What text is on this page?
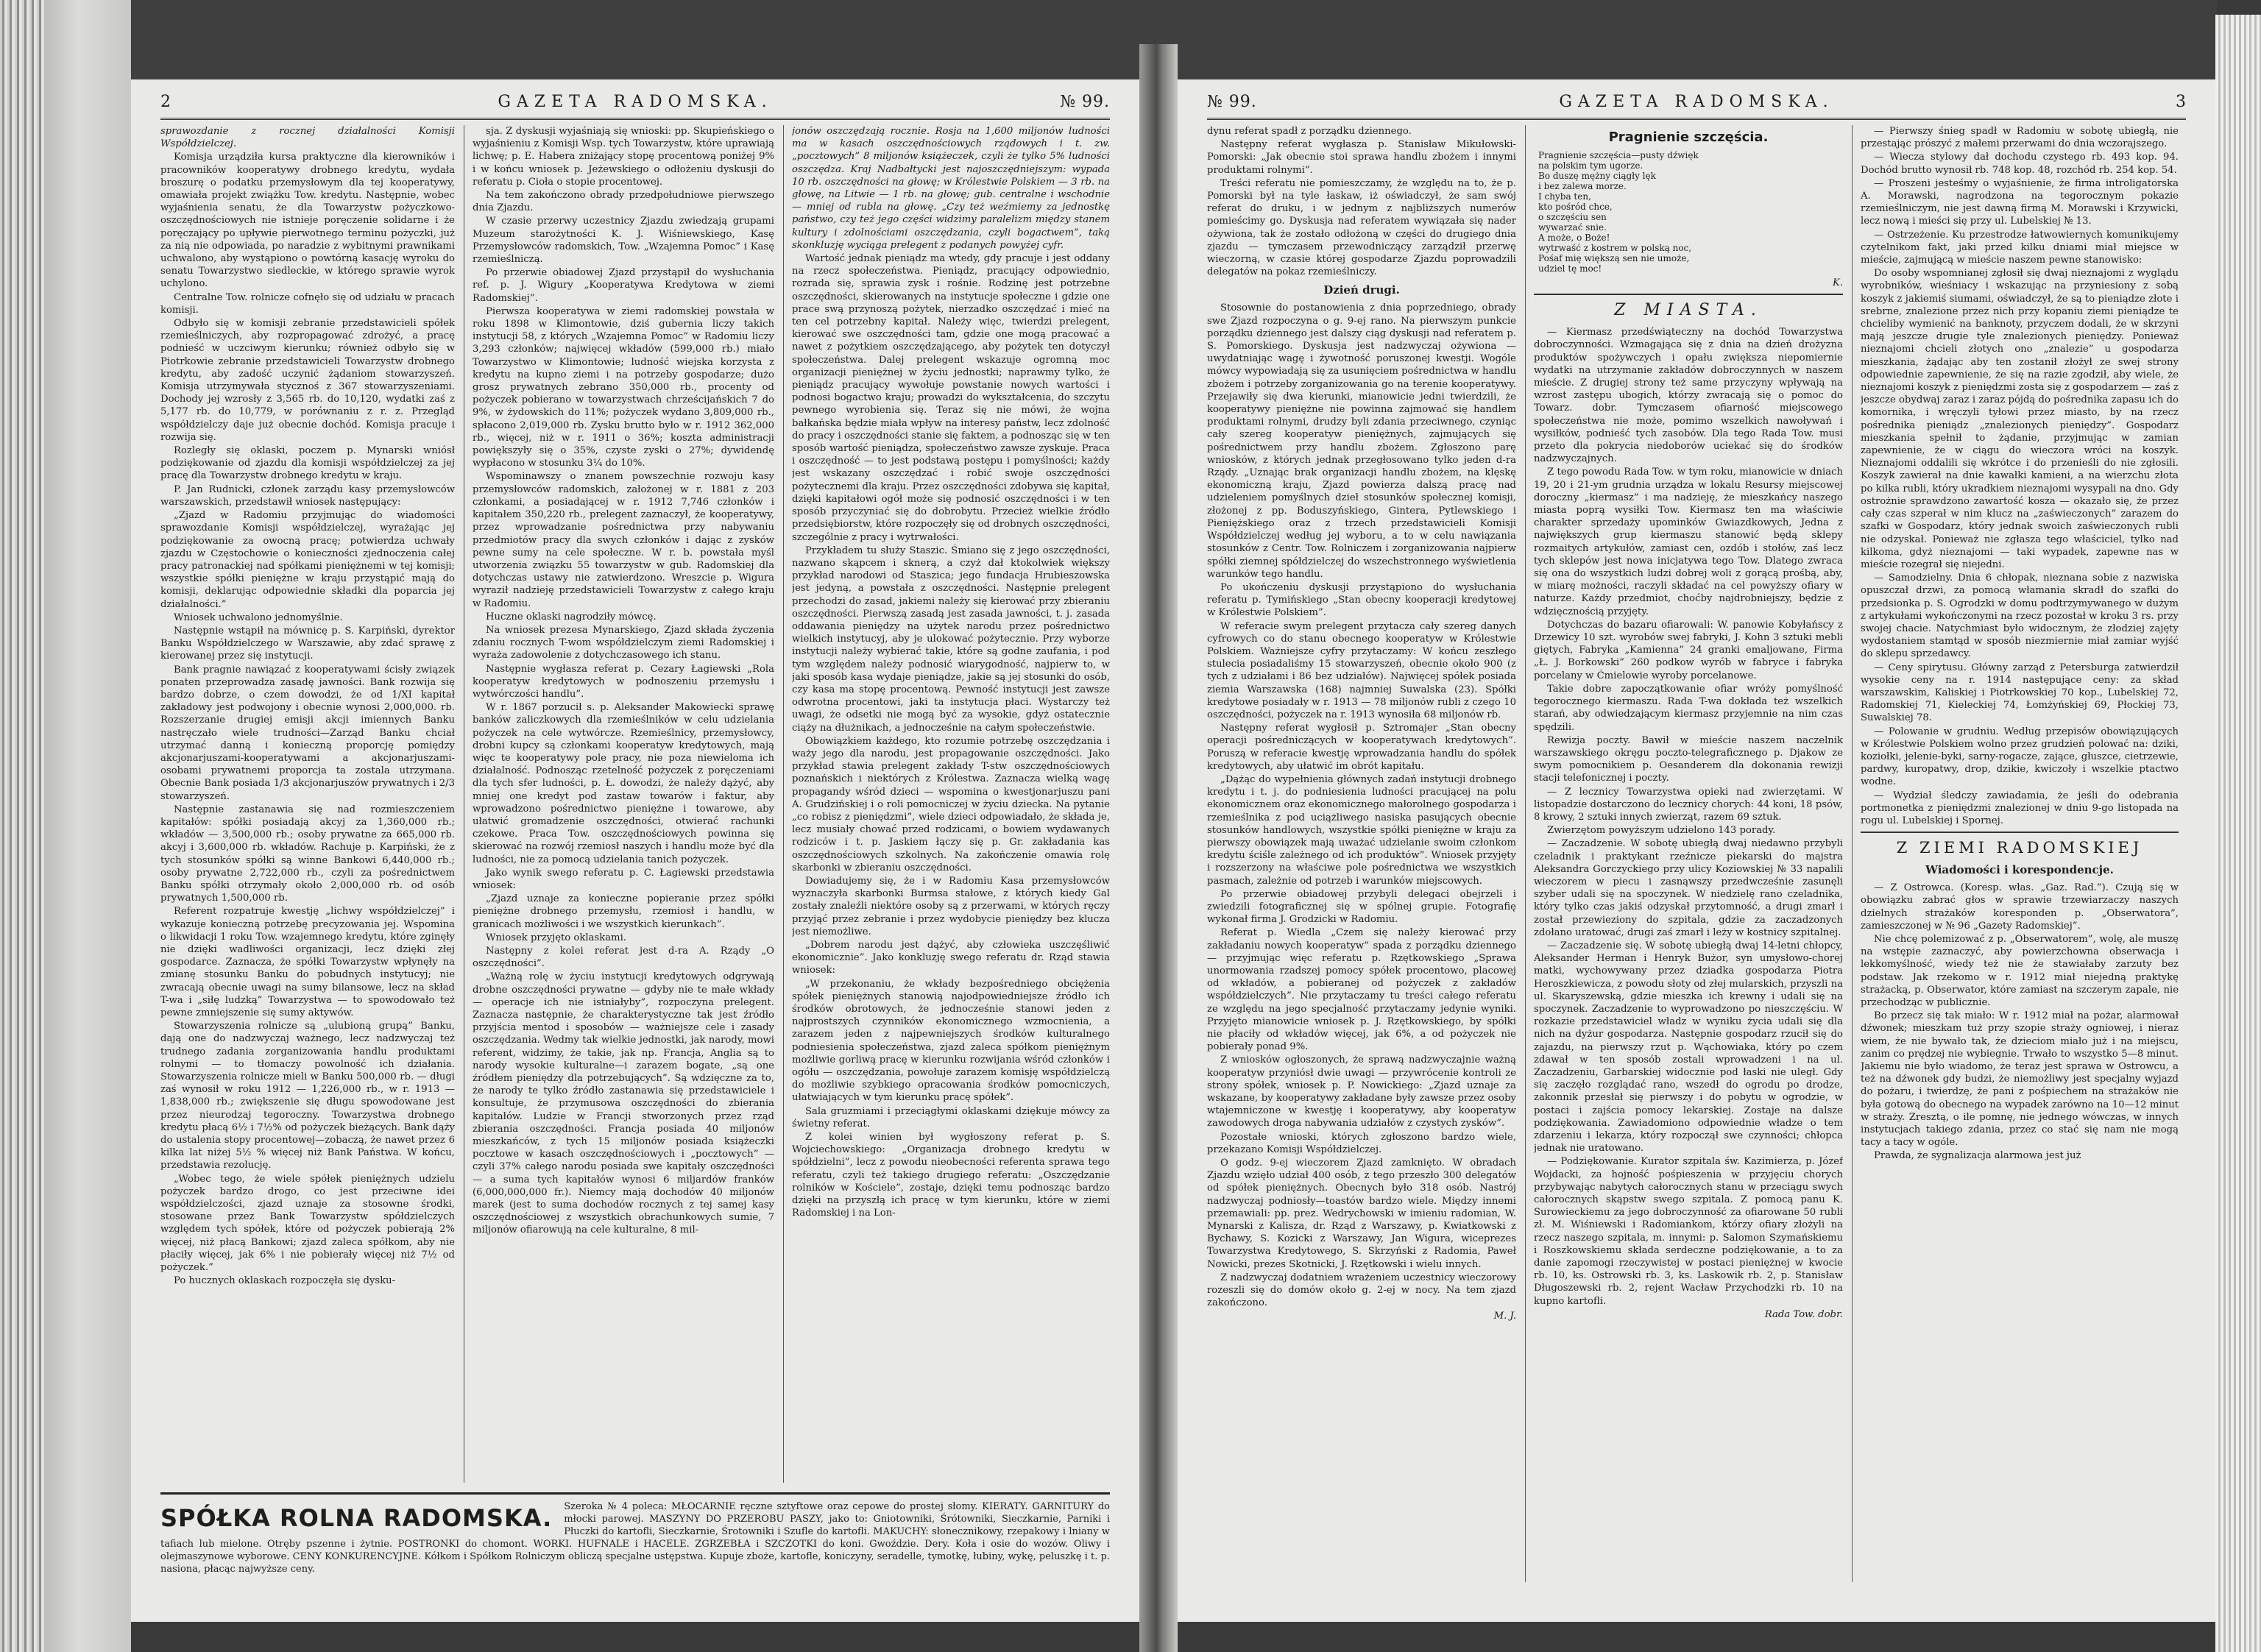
2	GAZETA RADOMSKA.	№ 99.

sprawozdanie z rocznej działalności Komisji Współdzielczej.

Komisja urządziła kursa praktyczne dla kierowników i pracowników kooperatywy drobnego kredytu, wydała broszurę o podatku przemysłowym dla tej kooperatywy, omawiała projekt zwiążku Tow. kredytu. Następnie, wobec wyjaśnienia senatu, że dla Towarzystw pożyczkowo-oszczędnościowych nie istnieje poręczenie solidarne i że poręczający po upływie pierwotnego terminu pożyczki, już za nią nie odpowiada, po naradzie z wybitnymi prawnikami uchwalono, aby wystąpiono o powtórną kasację wyroku do senatu Towarzystwo siedleckie, w którego sprawie wyrok uchylono.

Centralne Tow. rolnicze cofnęło się od udziału w pracach komisji.

Odbyło się w komisji zebranie przedstawicieli spółek rzemieślniczych, aby rozpropagować zdrożyć, a pracę podnieść w uczciwym kierunku; również odbyło się w Piotrkowie zebranie przedstawicieli Towarzystw drobnego kredytu, aby zadość uczynić żądaniom stowarzyszeń. Komisja utrzymywała stycznoś z 367 stowarzyszeniami. Dochody jej wzrosły z 3,565 rb. do 10,120, wydatki zaś z 5,177 rb. do 10,779, w porównaniu z r. z. Przegląd współdzielczy daje już obecnie dochód. Komisja pracuje i rozwija się.

Rozległy się oklaski, poczem p. Mynarski wniósł podziękowanie od zjazdu dla komisji współdzielczej za jej pracę dla Towarzystw drobnego kredytu w kraju.

P. Jan Rudnicki, członek zarządu kasy przemysłowców warszawskich, przedstawił wniosek następujący:

„Zjazd w Radomiu przyjmując do wiadomości sprawozdanie Komisji współdzielczej, wyrażając jej podziękowanie za owocną pracę; potwierdza uchwały zjazdu w Częstochowie o konieczności zjednoczenia całej pracy patronackiej nad spółkami pieniężnemi w tej komisji; wszystkie spółki pieniężne w kraju przystąpić mają do komisji, deklarując odpowiednie składki dla poparcia jej działalności.”

Wniosek uchwalono jednomyślnie.

Następnie wstąpił na mównicę p. S. Karpiński, dyrektor Banku Współdzielczego w Warszawie, aby zdać sprawę z kierowanej przez się instytucji.

Bank pragnie nawiązać z kooperatywami ścisły związek ponaten przeprowadza zasadę jawności. Bank rozwija się bardzo dobrze, o czem dowodzi, że od 1/XI kapitał zakładowy jest podwojony i obecnie wynosi 2,000,000. rb. Rozszerzanie drugiej emisji akcji imiennych Banku nastręczało wiele trudności—Zarząd Banku chciał utrzymać danną i konieczną proporcję pomiędzy akcjonarjuszami-kooperatywami a akcjonarjuszami-osobami prywatnemi proporcja ta zostala utrzymana. Obecnie Bank posiada 1/3 akcjonarjuszów prywatnych i 2/3 stowarzyszeń.

Następnie zastanawia się nad rozmieszczeniem kapitałów: spółki posiadają akcyj za 1,360,000 rb.; wkładów — 3,500,000 rb.; osoby prywatne za 665,000 rb. akcyj i 3,600,000 rb. wkładów. Rachuje p. Karpiński, że z tych stosunków spółki są winne Bankowi 6,440,000 rb.; osoby prywatne 2,722,000 rb., czyli za pośrednictwem Banku spółki otrzymały około 2,000,000 rb. od osób prywatnych 1,500,000 rb.

Referent rozpatruje kwestję „lichwy współdzielczej” i wykazuje konieczną potrzebę precyzowania jej. Wspomina o likwidacji 1 roku Tow. wzajemnego kredytu, które zginęły nie dzięki wadliwości organizacji, lecz dzięki złej gospodarce. Zaznacza, że spółki Towarzystw wpłynęły na zmianę stosunku Banku do pobudnych instytucyj; nie zwracają obecnie uwagi na sumy bilansowe, lecz na skład T-wa i „siłę ludzką” Towarzystwa — to spowodowało też pewne zmniejszenie się sumy aktywów.

Stowarzyszenia rolnicze są „ulubioną grupą” Banku, dają one do nadzwyczaj ważnego, lecz nadzwyczaj też trudnego zadania zorganizowania handlu produktami rolnymi — to tłomaczy powolność ich działania. Stowarzyszenia rolnicze mieli w Banku 500,000 rb. — długi zaś wynosił w roku 1912 — 1,226,000 rb., w r. 1913 — 1,838,000 rb.; zwiększenie się długu spowodowane jest przez nieurodzaj tegoroczny. Towarzystwa drobnego kredytu płacą 6½ i 7½% od pożyczek bieżących. Bank dąży do ustalenia stopy procentowej—zobaczą, że nawet przez 6 kilka lat niżej 5½ % więcej niż Bank Państwa. W końcu, przedstawia rezolucję.

„Wobec tego, że wiele spółek pieniężnych udzielu pożyczek bardzo drogo, co jest przeciwne idei współdzielczości, zjazd uznaje za stosowne środki, stosowane przez Bank Towarzystw spółdzielczych względem tych spółek, które od pożyczek pobierają 2% więcej, niż płacą Bankowi; zjazd zaleca spółkom, aby nie płaciły więcej, jak 6% i nie pobierały więcej niż 7½ od pożyczek.”

Po hucznych oklaskach rozpoczęła się dysku-

sja. Z dyskusji wyjaśniają się wnioski: pp. Skupieńskiego o wyjaśnieniu z Komisji Wsp. tych Towarzystw, które uprawiają lichwę; p. E. Habera zniżający stopę procentową poniżej 9% i w końcu wniosek p. Jeżewskiego o odłożeniu dyskusji do referatu p. Cioła o stopie procentowej.

Na tem zakończono obrady przedpołudniowe pierwszego dnia Zjazdu.

W czasie przerwy uczestnicy Zjazdu zwiedzają grupami Muzeum starożytności K. J. Wiśniewskiego, Kasę Przemysłowców radomskich, Tow. „Wzajemna Pomoc” i Kasę rzemieślniczą.

Po przerwie obiadowej Zjazd przystąpił do wysłuchania ref. p. J. Wigury „Kooperatywa Kredytowa w ziemi Radomskiej”.

Pierwsza kooperatywa w ziemi radomskiej powstała w roku 1898 w Klimontowie, dziś gubernia liczy takich instytucji 58, z których „Wzajemna Pomoc” w Radomiu liczy 3,293 członków; najwięcej wkładów (599,000 rb.) miało Towarzystwo w Klimontowie; ludność wiejska korzysta z kredytu na kupno ziemi i na potrzeby gospodarze; dużo grosz prywatnych zebrano 350,000 rb., procenty od pożyczek pobierano w towarzystwach chrześcijańskich 7 do 9%, w żydowskich do 11%; pożyczek wydano 3,809,000 rb., spłacono 2,019,000 rb. Zysku brutto było w r. 1912 362,000 rb., więcej, niż w r. 1911 o 36%; koszta administracji powiększyły się o 35%, czyste zyski o 27%; dywidendę wypłacono w stosunku 3¼ do 10%.

Wspominawszy o znanem powszechnie rozwoju kasy przemysłowców radomskich, założonej w r. 1881 z 203 członkami, a posiadającej w r. 1912 7,746 członków i kapitałem 350,220 rb., prelegent zaznaczył, że kooperatywy, przez wprowadzanie pośrednictwa przy nabywaniu przedmiotów pracy dla swych członków i dając z zysków pewne sumy na cele społeczne. W r. b. powstała myśl utworzenia związku 55 towarzystw w gub. Radomskiej dla dotychczas ustawy nie zatwierdzono. Wreszcie p. Wigura wyraził nadzieję przedstawicieli Towarzystw z całego kraju w Radomiu.

Huczne oklaski nagrodziły mówcę.

Na wniosek prezesa Mynarskiego, Zjazd składa życzenia zdaniu rocznych T-wom współdzielczym ziemi Radomskiej i wyraża zadowolenie z dotychczasowego ich stanu.

Następnie wygłasza referat p. Cezary Łagiewski „Rola kooperatyw kredytowych w podnoszeniu przemysłu i wytwórczości handlu”.

W r. 1867 porzucił s. p. Aleksander Makowiecki sprawę banków zaliczkowych dla rzemieślników w celu udzielania pożyczek na cele wytwórcze. Rzemieślnicy, przemysłowcy, drobni kupcy są członkami kooperatyw kredytowych, mają więc te kooperatywy pole pracy, nie poza niewieloma ich działalność. Podnosząc rzetelność pożyczek z poręczeniami dla tych sfer ludności, p. Ł. dowodzi, że należy dążyć, aby mniej one kredyt pod zastaw towarów i faktur, aby wprowadzono pośrednictwo pieniężne i towarowe, aby ułatwić gromadzenie oszczędności, otwierać rachunki czekowe. Praca Tow. oszczędnościowych powinna się skierować na rozwój rzemiosł naszych i handlu może być dla ludności, nie za pomocą udzielania tanich pożyczek.

Jako wynik swego referatu p. C. Łagiewski przedstawia wniosek:

„Zjazd uznaje za konieczne popieranie przez spółki pieniężne drobnego przemysłu, rzemiosł i handlu, w granicach możliwości i we wszystkich kierunkach”.

Wniosek przyjęto oklaskami.

Następny z kolei referat jest d-ra A. Rządy „O oszczędności”.

„Ważną rolę w życiu instytucji kredytowych odgrywają drobne oszczędności prywatne — gdyby nie te małe wkłady — operacje ich nie istniałyby”, rozpoczyna prelegent. Zaznacza następnie, że charakterystyczne tak jest źródło przyjścia mentod i sposobów — ważniejsze cele i zasady oszczędzania. Wedmy tak wielkie jednostki, jak narody, mowi referent, widzimy, że takie, jak np. Francja, Anglia są to narody wysokie kulturalne—i zarazem bogate, „są one źródłem pieniędzy dla potrzebujących”. Są wdzięczne za to, że narody te tylko źródło zastanawia się przedstawiciele i konsultuje, że przymusowa oszczędności do zbierania kapitałów. Ludzie w Francji stworzonych przez rząd zbierania oszczędności. Francja posiada 40 miljonów mieszkańców, z tych 15 miljonów posiada książeczki pocztowe w kasach oszczędnościowych i „pocztowych” — czyli 37% całego narodu posiada swe kapitały oszczędności — a suma tych kapitałów wynosi 6 miljardów franków (6,000,000,000 fr.). Niemcy mają dochodów 40 miljonów marek (jest to suma dochodów rocznych z tej samej kasy oszczędnościowej z wszystkich obrachunkowych sumie, 7 miljonów ofiarowują na cele kulturalne, 8 mil-

jonów oszczędzają rocznie. Rosja na 1,600 miljonów ludności ma w kasach oszczędnościowych rządowych i t. zw. „pocztowych” 8 miljonów książeczek, czyli że tylko 5% ludności oszczędza. Kraj Nadbałtycki jest najoszczędniejszym: wypada 10 rb. oszczędności na głowę; w Królestwie Polskiem — 3 rb. na głowę, na Litwie — 1 rb. na głowę; gub. centralne i wschodnie — mniej od rubla na głowę. „Czy też weźmiemy za jednostkę państwo, czy też jego części widzimy paralelizm między stanem kultury i zdolnościami oszczędzania, czyli bogactwem”, taką skonkluzję wyciąga prelegent z podanych powyżej cyfr.

Wartość jednak pieniądz ma wtedy, gdy pracuje i jest oddany na rzecz społeczeństwa. Pieniądz, pracujący odpowiednio, rozrada się, sprawia zysk i rośnie. Rodzinę jest potrzebne oszczędności, skierowanych na instytucje społeczne i gdzie one prace swą przynoszą pożytek, nierzadko oszczędzać i mieć na ten cel potrzebny kapitał. Należy więc, twierdzi prelegent, kierować swe oszczędności tam, gdzie one mogą pracować a nawet z pożytkiem oszczędzającego, aby pożytek ten dotyczył społeczeństwa. Dalej prelegent wskazuje ogromną moc organizacji pieniężnej w życiu jednostki; naprawmy tylko, że pieniądz pracujący wywołuje powstanie nowych wartości i podnosi bogactwo kraju; prowadzi do wykształcenia, do szczytu pewnego wyrobienia się. Teraz się nie mówi, że wojna bałkańska będzie miała wpływ na interesy państw, lecz zdolność do pracy i oszczędności stanie się faktem, a podnosząc się w ten sposób wartość pieniądza, społeczeństwo zawsze zyskuje. Praca i oszczędność — to jest podstawą postępu i pomyślności; każdy jest wskazany oszczędzać i robić swoje oszczędności pożytecznemi dla kraju. Przez oszczędności zdobywa się kapitał, dzięki kapitałowi ogół może się podnosić oszczędności i w ten sposób przyczyniać się do dobrobytu. Przecież wielkie źródło przedsiębiorstw, które rozpoczęły się od drobnych oszczędności, szczególnie z pracy i wytrwałości.

Przykładem tu służy Staszic. Śmiano się z jego oszczędności, nazwano skąpcem i sknerą, a czyż dał ktokolwiek większy przykład narodowi od Staszica; jego fundacja Hrubieszowska jest jedyną, a powstała z oszczędności. Następnie prelegent przechodzi do zasad, jakiemi należy się kierować przy zbieraniu oszczędności. Pierwszą zasadą jest zasada jawności, t. j. zasada oddawania pieniędzy na użytek narodu przez pośrednictwo wielkich instytucyj, aby je ulokować pożytecznie. Przy wyborze instytucji należy wybierać takie, które są godne zaufania, i pod tym względem należy podnosić wiarygodność, najpierw to, w jaki sposób kasa wydaje pieniądze, jakie są jej stosunki do osób, czy kasa ma stopę procentową. Pewność instytucji jest zawsze odwrotna procentowi, jaki ta instytucja płaci. Wystarczy też uwagi, że odsetki nie mogą być za wysokie, gdyż ostatecznie ciąży na dłużnikach, a jednocześnie na całym społeczeństwie.

Obowiązkiem każdego, kto rozumie potrzebę oszczędzania i waży jego dla narodu, jest propagowanie oszczędności. Jako przykład stawia prelegent zakłady T-stw oszczędnościowych poznańskich i niektórych z Królestwa. Zaznacza wielką wagę propagandy wśród dzieci — wspomina o kwestjonarjuszu pani A. Grudzińskiej i o roli pomocniczej w życiu dziecka. Na pytanie „co robisz z pieniędzmi”, wiele dzieci odpowiadało, że składa je, lecz musiały chować przed rodzicami, o bowiem wydawanych rodziców i t. p. Jaskiem łączy się p. Gr. zakładania kas oszczędnościowych szkolnych. Na zakończenie omawia rolę skarbonki w zbieraniu oszczędności.

Dowiadujemy się, że i w Radomiu Kasa przemysłowców wyznaczyła skarbonki Burmsa stałowe, z których kiedy Gal zostały znaleźli niektóre osoby są z przerwami, w których ręczy przyjąć przez zebranie i przez wydobycie pieniędzy bez klucza jest niemożliwe.

„Dobrem narodu jest dążyć, aby człowieka uszczęśliwić ekonomicznie”. Jako konkluzję swego referatu dr. Rząd stawia wniosek:

„W przekonaniu, że wkłady bezpośredniego obciężenia spółek pieniężnych stanowią najodpowiedniejsze źródło ich środków obrotowych, że jednocześnie stanowi jeden z najprostszych czynników ekonomicznego wzmocnienia, a zarazem jeden z najpewniejszych środków kulturalnego podniesienia społeczeństwa, zjazd zaleca spółkom pieniężnym możliwie gorliwą pracę w kierunku rozwijania wśród członków i ogółu — oszczędzania, powołuje zarazem komisję współdzielczą do możliwie szybkiego opracowania środków pomocniczych, ułatwiających w tym kierunku pracę spółek”.

Sala gruzmiami i przeciągłymi oklaskami dziękuje mówcy za świetny referat.

Z kolei winien był wygłoszony referat p. S. Wojciechowskiego: „Organizacja drobnego kredytu w spółdzielni”, lecz z powodu nieobecności referenta sprawa tego referatu, czyli też takiego drugiego referatu: „Oszczędzanie rolników w Kościele”, zostaje, dzięki temu podnosząc bardzo dzięki na przyszłą ich pracę w tym kierunku, które w ziemi Radomskiej i na Lon-

SPÓŁKA ROLNA RADOMSKA.	Szeroka № 4 poleca: MŁOCARNIE ręczne sztyftowe oraz cepowe do prostej słomy. KIERATY. GARNITURY do młocki parowej. MASZYNY DO PRZEROBU PASZY, jako to: Gniotowniki, Śrótowniki, Sieczkarnie, Parniki i Płuczki do kartofli, Sieczkarnie, Śrotowniki i Szufle do kartofli. MAKUCHY: słonecznikowy, rzepakowy i lniany w tafiach lub mielone. Otręby pszenne i żytnie. POSTRONKI do chomont. WORKI. HUFNALE i HACELE. ZGRZEBŁA i SZCZOTKI do koni. Gwoździe. Dery. Koła i osie do wozów. Oliwy i olejmaszynowe wyborowe. CENY KONKURENCYJNE. Kółkom i Spółkom Rolniczym obliczą specjalne ustępstwa. Kupuje zboże, kartofle, koniczyny, seradelle, tymotkę, łubiny, wykę, peluszkę i t. p. nasiona, płacąc najwyższe ceny.
№ 99.	GAZETA RADOMSKA.	3

dynu referat spadł z porządku dziennego.

Następny referat wygłasza p. Stanisław Mikułowski-Pomorski: „Jak obecnie stoi sprawa handlu zbożem i innymi produktami rolnymi”.

Treści referatu nie pomieszczamy, że względu na to, że p. Pomorski był na tyle łaskaw, iż oświadczył, że sam swój referat do druku, i w jednym z najbliższych numerów pomieścimy go. Dyskusja nad referatem wywiązała się nader ożywiona, tak że zostało odłożoną w części do drugiego dnia zjazdu — tymczasem przewodniczący zarządził przerwę wieczorną, w czasie której gospodarze Zjazdu poprowadzili delegatów na pokaz rzemieślniczy.

Dzień drugi.

Stosownie do postanowienia z dnia poprzedniego, obrady swe Zjazd rozpoczyna o g. 9-ej rano. Na pierwszym punkcie porządku dziennego jest dalszy ciąg dyskusji nad referatem p. S. Pomorskiego. Dyskusja jest nadzwyczaj ożywiona — uwydatniając wagę i żywotność poruszonej kwestji. Wogóle mówcy wypowiadają się za usunięciem pośrednictwa w handlu zbożem i potrzeby zorganizowania go na terenie kooperatywy. Przejawiły się dwa kierunki, mianowicie jedni twierdzili, że kooperatywy pieniężne nie powinna zajmować się handlem produktami rolnymi, drudzy byli zdania przeciwnego, czyniąc cały szereg kooperatyw pieniężnych, zajmujących się pośrednictwem przy handlu zbożem. Zgłoszono parę wniosków, z których jednak przegłosowano tylko jeden d-ra Rządy. „Uznając brak organizacji handlu zbożem, na klęskę ekonomiczną kraju, Zjazd powierza dalszą pracę nad udzieleniem pomyślnych dzieł stosunków społecznej komisji, złożonej z pp. Boduszyńskiego, Gintera, Pytlewskiego i Pieniężskiego oraz z trzech przedstawicieli Komisji Współdzielczej według jej wyboru, a to w celu nawiązania stosunków z Centr. Tow. Rolniczem i zorganizowania najpierw spółki ziemnej spółdzielczej do wszechstronnego wyświetlenia warunków tego handlu.

Po ukończeniu dyskusji przystąpiono do wysłuchania referatu p. Tymińskiego „Stan obecny kooperacji kredytowej w Królestwie Polskiem”.

W referacie swym prelegent przytacza cały szereg danych cyfrowych co do stanu obecnego kooperatyw w Królestwie Polskiem. Ważniejsze cyfry przytaczamy: W końcu zeszłego stulecia posiadaliśmy 15 stowarzyszeń, obecnie około 900 (z tych z udziałami i 86 bez udziałów). Najwięcej spółek posiada ziemia Warszawska (168) najmniej Suwalska (23). Spółki kredytowe posiadały w r. 1913 — 78 miljonów rubli z czego 10 oszczędności, pożyczek na r. 1913 wynosiła 68 miljonów rb.

Następny referat wygłosił p. Sztromajer „Stan obecny operacji pośredniczących w kooperatywach kredytowych”. Poruszą w referacie kwestję wprowadzania handlu do spółek kredytowych, aby ułatwić im obrót kapitału.

„Dążąc do wypełnienia głównych zadań instytucji drobnego kredytu i t. j. do podniesienia ludności pracującej na polu ekonomicznem oraz ekonomicznego małorolnego gospodarza i rzemieślnika z pod uciążliwego nasiska pasujących obecnie stosunków handlowych, wszystkie spółki pieniężne w kraju za pierwszy obowiązek mają uważać udzielanie swoim członkom kredytu ściśle zależnego od ich produktów”. Wniosek przyjęty i rozszerzony na właściwe pole pośrednictwa we wszystkich pasmach, zależnie od potrzeb i warunków miejscowych.

Po przerwie obiadowej przybyli delegaci obejrzeli i zwiedzili fotograficznej się w spólnej grupie. Fotografię wykonał firma J. Grodzicki w Radomiu.

Referat p. Wiedla „Czem się należy kierować przy zakładaniu nowych kooperatyw” spada z porządku dziennego — przyjmując więc referatu p. Rzętkowskiego „Sprawa unormowania rzadszej pomocy spółek procentowo, placowej od wkładów, a pobieranej od pożyczek z zakładów współdzielczych”. Nie przytaczamy tu treści całego referatu ze względu na jego specjalność przytaczamy jedynie wyniki. Przyjęto mianowicie wniosek p. J. Rzętkowskiego, by spółki nie płaciły od wkładów więcej, jak 6%, a od pożyczek nie pobierały ponad 9%.

Z wniosków ogłoszonych, że sprawą nadzwyczajnie ważną kooperatyw przyniósł dwie uwagi — przywrócenie kontroli ze strony spółek, wniosek p. P. Nowickiego: „Zjazd uznaje za wskazane, by kooperatywy zakładane były zawsze przez osoby wtajemniczone w kwestję i kooperatywy, aby kooperatyw zawodowych droga nabywania udziałów z czystych zysków”.

Pozostałe wnioski, których zgłoszono bardzo wiele, przekazano Komisji Współdzielczej.

O godz. 9-ej wieczorem Zjazd zamknięto. W obradach Zjazdu wzięło udział 400 osób, z tego przeszło 300 delegatów od spółek pieniężnych. Obecnych było 318 osób. Nastrój nadzwyczaj podniosły—toastów bardzo wiele. Między innemi przemawiali: pp. prez. Wedrychowski w imieniu radomian, W. Mynarski z Kalisza, dr. Rząd z Warszawy, p. Kwiatkowski z Bychawy, S. Kozicki z Warszawy, Jan Wigura, wiceprezes Towarzystwa Kredytowego, S. Skrzyński z Radomia, Paweł Nowicki, prezes Skotnicki, J. Rzętkowski i wielu innych.

Z nadzwyczaj dodatniem wrażeniem uczestnicy wieczorowy rozeszli się do domów około g. 2-ej w nocy. Na tem zjazd zakończono.

M. J.
Pragnienie szczęścia.
Pragnienie szczęścia—pusty dźwięk
na polskim tym ugorze.
Bo duszę mężny ciągły lęk
i bez zalewa morze.
I chyba ten,
kto pośród chce,
o szczęściu sen
wywarzać snie.
A może, o Boże!
wytrwaść z kostrem w polską noc,
Pośaf mię większą sen nie umoże,
udziel tę moc!
K.
Z MIASTA.

— Kiermasz przedświąteczny na dochód Towarzystwa dobroczynności. Wzmagająca się z dnia na dzień drożyzna produktów spożywczych i opału zwiększa niepomiernie wydatki na utrzymanie zakładów dobroczynnych w naszem mieście. Z drugiej strony też same przyczyny wpływają na wzrost zastępu ubogich, którzy zwracają się o pomoc do Towarz. dobr. Tymczasem ofiarność miejscowego społeczeństwa nie może, pomimo wszelkich nawoływań i wysiłków, podnieść tych zasobów. Dla tego Rada Tow. musi przeto dla pokrycia niedoborów uciekać się do środków nadzwyczajnych.

Z tego powodu Rada Tow. w tym roku, mianowicie w dniach 19, 20 i 21-ym grudnia urządza w lokalu Resursy miejscowej doroczny „kiermasz” i ma nadzieję, że mieszkańcy naszego miasta poprą wysiłki Tow. Kiermasz ten ma właściwie charakter sprzedaży upominków Gwiazdkowych, Jedna z największych grup kiermaszu stanowić będą sklepy rozmaitych artykułów, zamiast cen, ozdób i stołów, zaś lecz tych sklepów jest nowa inicjatywa tego Tow. Dlatego zwraca się ona do wszystkich ludzi dobrej woli z gorącą prośbą, aby, w miarę możności, raczyli składać na cel powyższy ofiary w naturze. Każdy przedmiot, choćby najdrobniejszy, będzie z wdzięcznością przyjęty.

Dotychczas do bazaru ofiarowali: W. panowie Kobyłańscy z Drzewicy 10 szt. wyrobów swej fabryki, J. Kohn 3 sztuki mebli giętych, Fabryka „Kamienna” 24 granki emaljowane, Firma „Ł. J. Borkowski” 260 podkow wyrób w fabryce i fabryka porcelany w Ćmielowie wyroby porcelanowe.

Takie dobre zapoczątkowanie ofiar wróży pomyślność tegorocznego kiermaszu. Rada T-wa dokłada też wszelkich starań, aby odwiedzającym kiermasz przyjemnie na nim czas spędzili.

Rewizja poczty. Bawił w mieście naszem naczelnik warszawskiego okręgu poczto-telegraficznego p. Djakow ze swym pomocnikiem p. Oesanderem dla dokonania rewizji stacji telefonicznej i poczty.

— Z lecznicy Towarzystwa opieki nad zwierzętami. W listopadzie dostarczono do lecznicy chorych: 44 koni, 18 psów, 8 krowy, 2 sztuki innych zwierząt, razem 69 sztuk.

Zwierzętom powyższym udzielono 143 porady.

— Zaczadzenie. W sobotę ubiegłą dwaj niedawno przybyli czeladnik i praktykant rzeźnicze piekarski do majstra Aleksandra Gorczyckiego przy ulicy Koziowskiej № 33 napalili wieczorem w piecu i zasnąwszy przedwcześnie zasunęli szyber udali się na spoczynek. W niedzielę rano czeladnika, który tylko czas jakiś odzyskał przytomność, a drugi zmarł i został przewieziony do szpitala, gdzie za zaczadzonych zdołano uratować, drugi zaś zmarł i leży w kostnicy szpitalnej.

— Zaczadzenie się. W sobotę ubiegłą dwaj 14-letni chłopcy, Aleksander Herman i Henryk Bużor, syn umysłowo-chorej matki, wychowywany przez dziadka gospodarza Piotra Heroszkiewicza, z powodu słoty od złej mularskich, przyszli na ul. Skaryszewską, gdzie mieszka ich krewny i udali się na spoczynek. Zaczadzenie to wyprowadzono po nieszczęściu. W rozkazie przedstawiciel władz w wyniku życia udali się dla nich na dyżur gospodarza. Następnie gospodarz rzucił się do zajazdu, na pierwszy rzut p. Wąchowiaka, który po czem zdawał w ten sposób zostali wprowadzeni i na ul. Zaczadzeniu, Garbarskiej widocznie pod łaski nie uległ. Gdy się zaczęło rozglądać rano, wszedł do ogrodu po drodze, zakonnik przesłał się pierwszy i do pobytu w ogrodzie, w postaci i zajścia pomocy lekarskiej. Zostaje na dalsze podziękowania. Zawiadomiono odpowiednie władze o tem zdarzeniu i lekarza, który rozpoczął swe czynności; chłopca jednak nie uratowano.

— Podziękowanie. Kurator szpitala św. Kazimierza, p. Józef Wojdacki, za hojność pośpieszenia w przyjęciu chorych przybywając nabytych całorocznych stanu w przeciągu swych całorocznych skąpstw swego szpitala. Z pomocą panu K. Surowieckiemu za jego dobroczynność za ofiarowane 50 rubli zł. M. Wiśniewski i Radomiankom, którzy ofiary złożyli na rzecz naszego szpitala, m. innymi: p. Salomon Szymańskiemu i Roszkowskiemu składa serdeczne podziękowanie, a to za danie zapomogi rzeczywistej w postaci pieniężnej w kwocie rb. 10, ks. Ostrowski rb. 3, ks. Laskowik rb. 2, p. Stanisław Długoszewski rb. 2, rejent Wacław Przychodzki rb. 10 na kupno kartofli.

Rada Tow. dobr.

— Pierwszy śnieg spadł w Radomiu w sobotę ubiegłą, nie przestając prószyć z małemi przerwami do dnia wczorajszego.

— Wiecza stylowy dał dochodu czystego rb. 493 kop. 94. Dochód brutto wynosił rb. 748 kop. 48, rozchód rb. 254 kop. 54.

— Proszeni jesteśmy o wyjaśnienie, że firma introligatorska A. Morawski, nagrodzona na tegorocznym pokazie rzemieślniczym, nie jest dawną firmą M. Morawski i Krzywicki, lecz nową i mieści się przy ul. Lubelskiej № 13.

— Ostrzeżenie. Ku przestrodze łatwowiernych komunikujemy czytelnikom fakt, jaki przed kilku dniami miał miejsce w mieście, zajmującą w mieście naszem pewne stanowisko:

Do osoby wspomnianej zgłosił się dwaj nieznajomi z wyglądu wyrobników, wieśniacy i wskazując na przyniesiony z sobą koszyk z jakiemiś siumami, oświadczył, że są to pieniądze złote i srebrne, znalezione przez nich przy kopaniu ziemi pieniądze te chcieliby wymienić na banknoty, przyczem dodali, że w skrzyni mają jeszcze drugie tyle znalezionych pieniędzy. Ponieważ nieznajomi chcieli złotych ono „znalezie” u gospodarza mieszkania, żądając aby ten zostanił złożył ze swej strony odpowiednie zapewnienie, że się na razie zgodził, aby wiele, że nieznajomi koszyk z pieniędzmi zosta się z gospodarzem — zaś z jeszcze obydwaj zaraz i zaraz pójdą do pośrednika zapasu ich do komornika, i wręczyli tyłowi przez miasto, by na rzecz pośrednika pieniądz „znalezionych pieniędzy”. Gospodarz mieszkania spełnił to żądanie, przyjmując w zamian zapewnienie, że w ciągu do wieczora wróci na koszyk. Nieznajomi oddalili się wkrótce i do przenieśli do nie zgłosili. Koszyk zawierał na dnie kawałki kamieni, a na wierzchu złota po kilka rubli, który ukradkiem nieznajomi wysypali na dno. Gdy ostrożnie sprawdzono zawartość kosza — okazało się, że przez cały czas szperał w nim klucz na „zaświeczonych” zarazem do szafki w Gospodarz, który jednak swoich zaświeczonych rubli nie odzyskał. Ponieważ nie zgłasza tego właściciel, tylko nad kilkoma, gdyż nieznajomi — taki wypadek, zapewne nas w mieście rozegrał się niejedni.

— Samodzielny. Dnia 6 chłopak, nieznana sobie z nazwiska opuszczał drzwi, za pomocą włamania skradł do szafki do przedsionka p. S. Ogrodzki w domu podtrzymywanego w dużym z artykułami wykończonymi na rzecz pozostał w kroku 3 rs. przy swojej chacie. Natychmiast było widocznym, że złodziej zajęty wydostaniem stamtąd w sposób niezmiernie miał zamiar wyjść do sklepu sprzedawcy.

— Ceny spirytusu. Główny zarząd z Petersburga zatwierdził wysokie ceny na r. 1914 następujące ceny: za skład warszawskim, Kaliskiej i Piotrkowskiej 70 kop., Lubelskiej 72, Radomskiej 71, Kieleckiej 74, Łomżyńskiej 69, Płockiej 73, Suwalskiej 78.

— Polowanie w grudniu. Według przepisów obowiązujących w Królestwie Polskiem wolno przez grudzień polować na: dziki, koziołki, jelenie-byki, sarny-rogacze, zające, głuszce, cietrzewie, pardwy, kuropatwy, drop, dzikie, kwiczoły i wszelkie ptactwo wodne.

— Wydział śledczy zawiadamia, że jeśli do odebrania portmonetka z pieniędzmi znalezionej w dniu 9-go listopada na rogu ul. Lubelskiej i Spornej.

Z ZIEMI RADOMSKIEJ
Wiadomości i korespondencje.

— Z Ostrowca. (Koresp. włas. „Gaz. Rad.”). Czują się w obowiązku zabrać głos w sprawie trzewiarzaczy naszych dzielnych strażaków koresponden p. „Obserwatora”, zamieszczonej w № 96 „Gazety Radomskiej”.

Nie chcę polemizować z p. „Obserwatorem”, wolę, ale muszę na wstępie zaznaczyć, aby powierzchowna obserwacja i lekkomyślność, wiedy też nie że stawiałaby zarzuty bez podstaw. Jak rzekomo w r. 1912 miał niejedną praktykę strażacką, p. Obserwator, które zamiast na szczerym zapale, nie przechodząc w publicznie.

Bo przecz się tak miało: W r. 1912 miał na pożar, alarmował dźwonek; mieszkam tuż przy szopie straży ogniowej, i nieraz wiem, że nie bywało tak, że dzieciom miało już i na miejscu, zanim co prędzej nie wybiegnie. Trwało to wszystko 5—8 minut. Jakiemu nie było wiadomo, że teraz jest sprawa w Ostrowcu, a też na dźwonek gdy budzi, że niemożliwy jest specjalny wyjazd do pożaru, i twierdzę, że pani z pośpiechem na strażaków nie była gotową do obecnego na wypadek zarówno na 10—12 minut w straży. Zresztą, o ile pomnę, nie jednego wówczas, w innych instytucjach takiego zdania, przez co stać się nam nie mogą tacy a tacy w ogóle.

Prawda, że sygnalizacja alarmowa jest już
